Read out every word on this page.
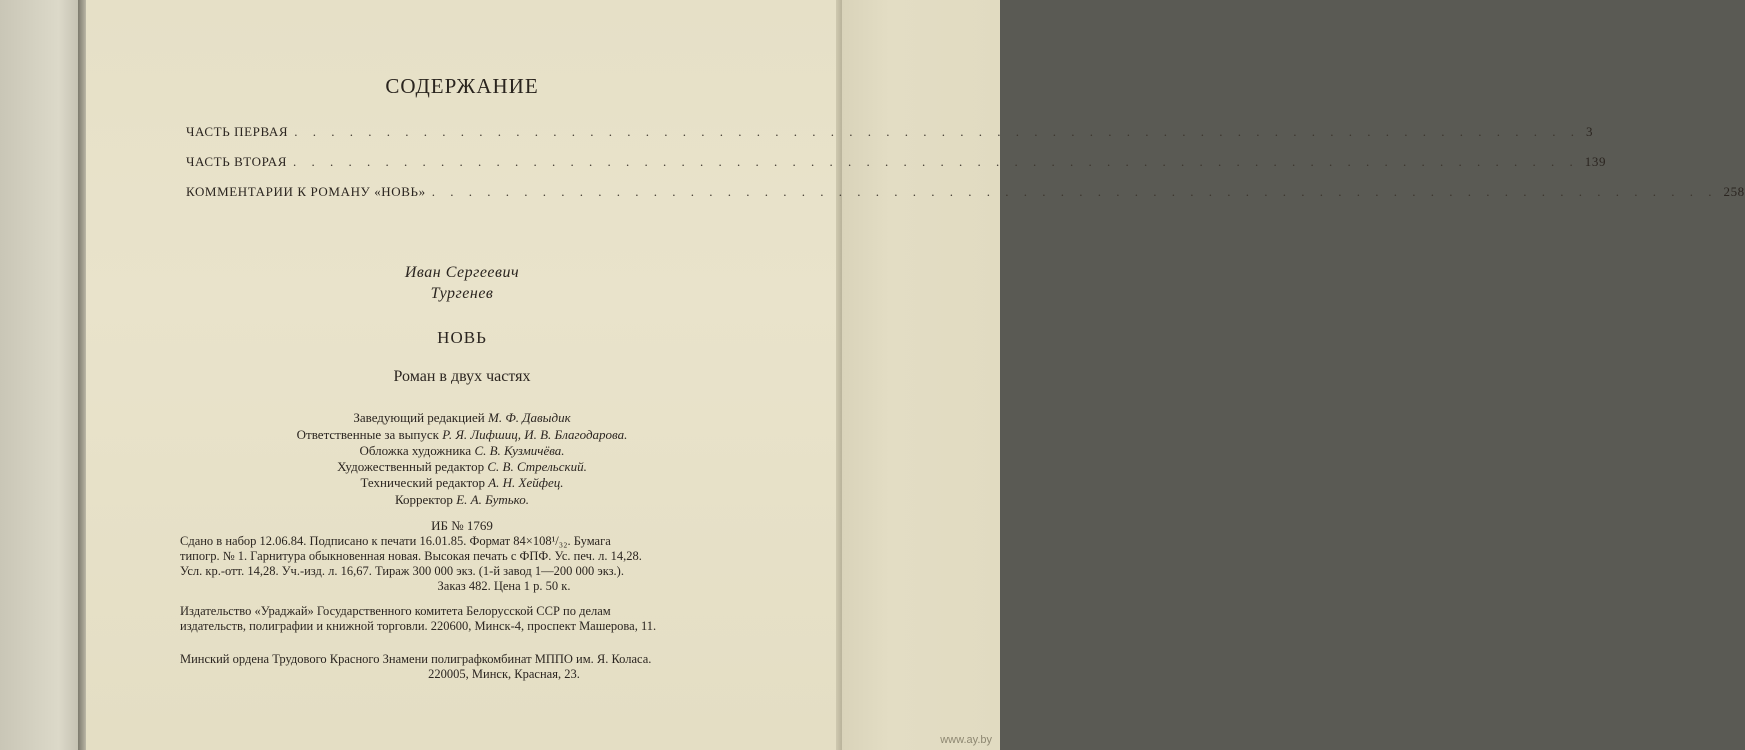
СОДЕРЖАНИЕ
ЧАСТЬ ПЕРВАЯ . . . . . . . . . . . . . . . . . . . . . . . . . . . . . . . . . . . . . . . . . . . . . . . . . . . . . . . . . . . . . . . . . . . . . . 3
ЧАСТЬ ВТОРАЯ . . . . . . . . . . . . . . . . . . . . . . . . . . . . . . . . . . . . . . . . . . . . . . . . . . . . . . . . . . . . . . . . . . . . . . 139
КОММЕНТАРИИ К РОМАНУ «НОВЬ» . . . . . . . . . . . . . . . . . . . . . . . . . . . . . . . . . . . . . . . . . . . . . . . . . . . . . . . . . . . . . . . . . . . . . . 258
Иван Сергеевич
Тургенев
НОВЬ
Роман в двух частях
Заведующий редакцией М. Ф. Давыдик
Ответственные за выпуск Р. Я. Лифшиц, И. В. Благодарова.
Обложка художника С. В. Кузмичёва.
Художественный редактор С. В. Стрельский.
Технический редактор А. Н. Хейфец.
Корректор Е. А. Бутько.
ИБ № 1769
Сдано в набор 12.06.84. Подписано к печати 16.01.85. Формат 84×108¹/₃₂. Бумага
типогр. № 1. Гарнитура обыкновенная новая. Высокая печать с ФПФ. Ус. печ. л. 14,28.
Усл. кр.-отт. 14,28. Уч.-изд. л. 16,67. Тираж 300 000 экз. (1-й завод 1—200 000 экз.).
Заказ 482. Цена 1 р. 50 к.
Издательство «Ураджай» Государственного комитета Белорусской ССР по делам
издательств, полиграфии и книжной торговли. 220600, Минск-4, проспект Машерова, 11.
Минский ордена Трудового Красного Знамени полиграфкомбинат МППО им. Я. Коласа.
220005, Минск, Красная, 23.
www.ay.by
